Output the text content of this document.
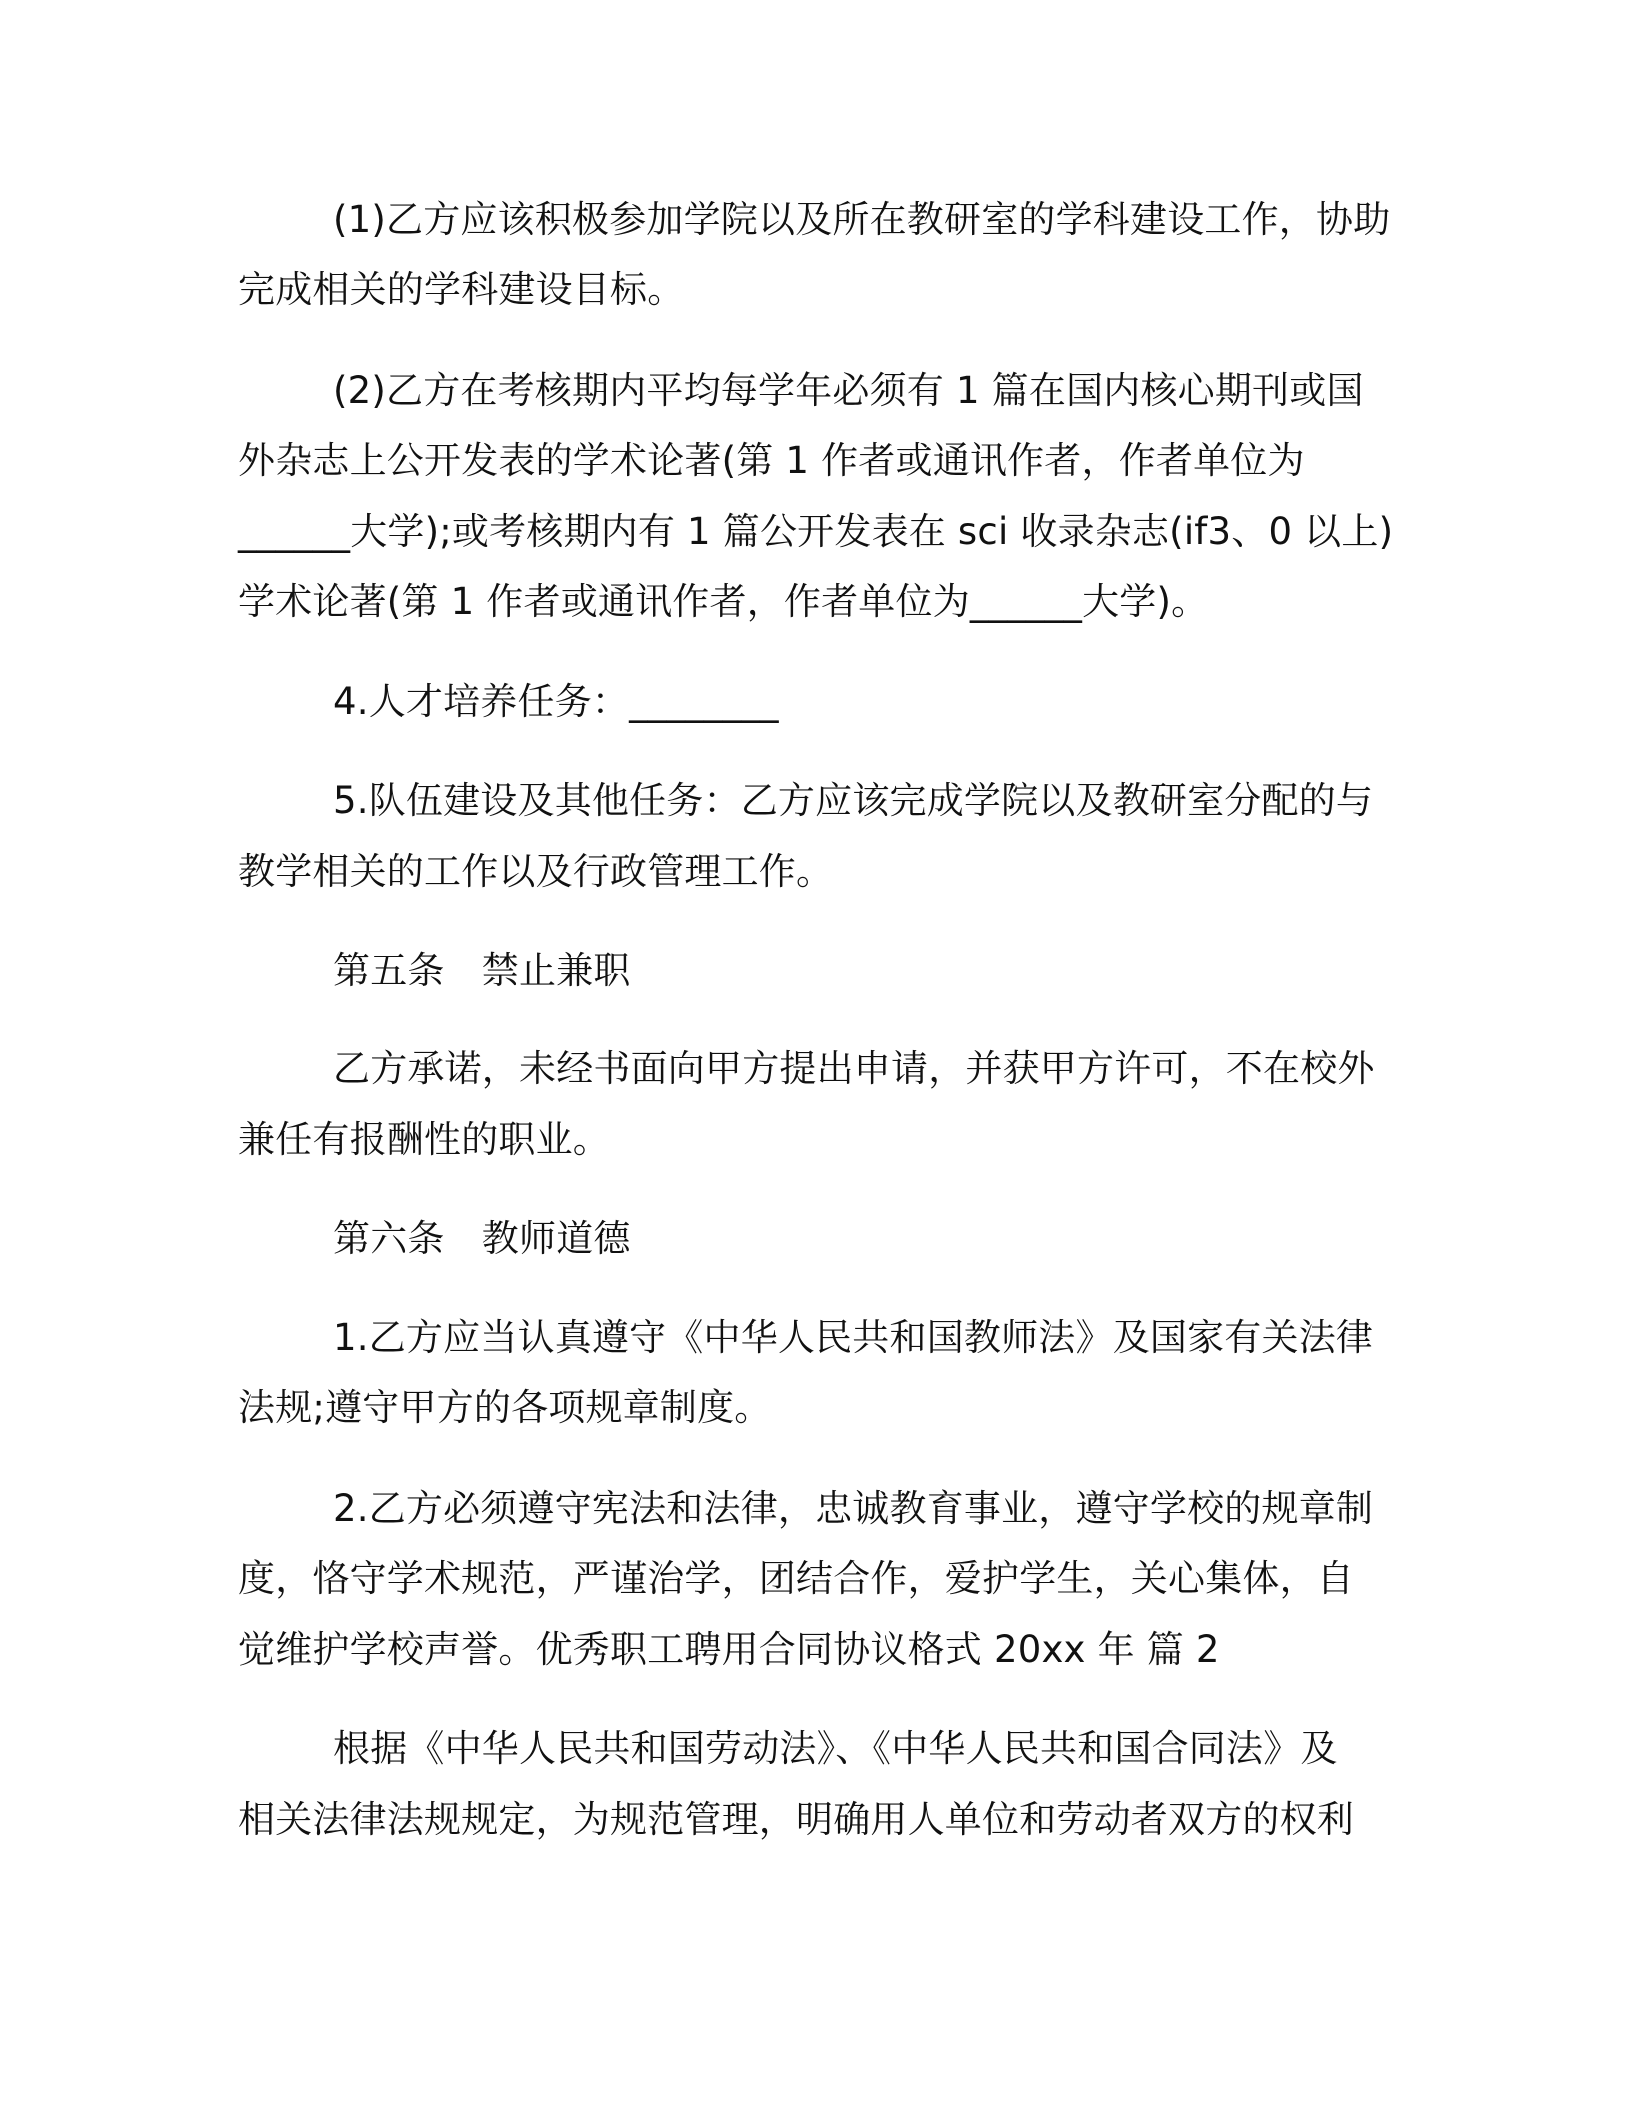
(1)乙方应该积极参加学院以及所在教研室的学科建设工作，协助
完成相关的学科建设目标。
(2)乙方在考核期内平均每学年必须有 1 篇在国内核心期刊或国
外杂志上公开发表的学术论著(第 1 作者或通讯作者，作者单位为
______大学);或考核期内有 1 篇公开发表在 sci 收录杂志(if3、0 以上)
学术论著(第 1 作者或通讯作者，作者单位为______大学)。
4.人才培养任务：________
5.队伍建设及其他任务：乙方应该完成学院以及教研室分配的与
教学相关的工作以及行政管理工作。
第五条　禁止兼职
乙方承诺，未经书面向甲方提出申请，并获甲方许可，不在校外
兼任有报酬性的职业。
第六条　教师道德
1.乙方应当认真遵守《中华人民共和国教师法》及国家有关法律
法规;遵守甲方的各项规章制度。
2.乙方必须遵守宪法和法律，忠诚教育事业，遵守学校的规章制
度，恪守学术规范，严谨治学，团结合作，爱护学生，关心集体，自
觉维护学校声誉。优秀职工聘用合同协议格式 20xx 年 篇 2
根据《中华人民共和国劳动法》、《中华人民共和国合同法》及
相关法律法规规定，为规范管理，明确用人单位和劳动者双方的权利
